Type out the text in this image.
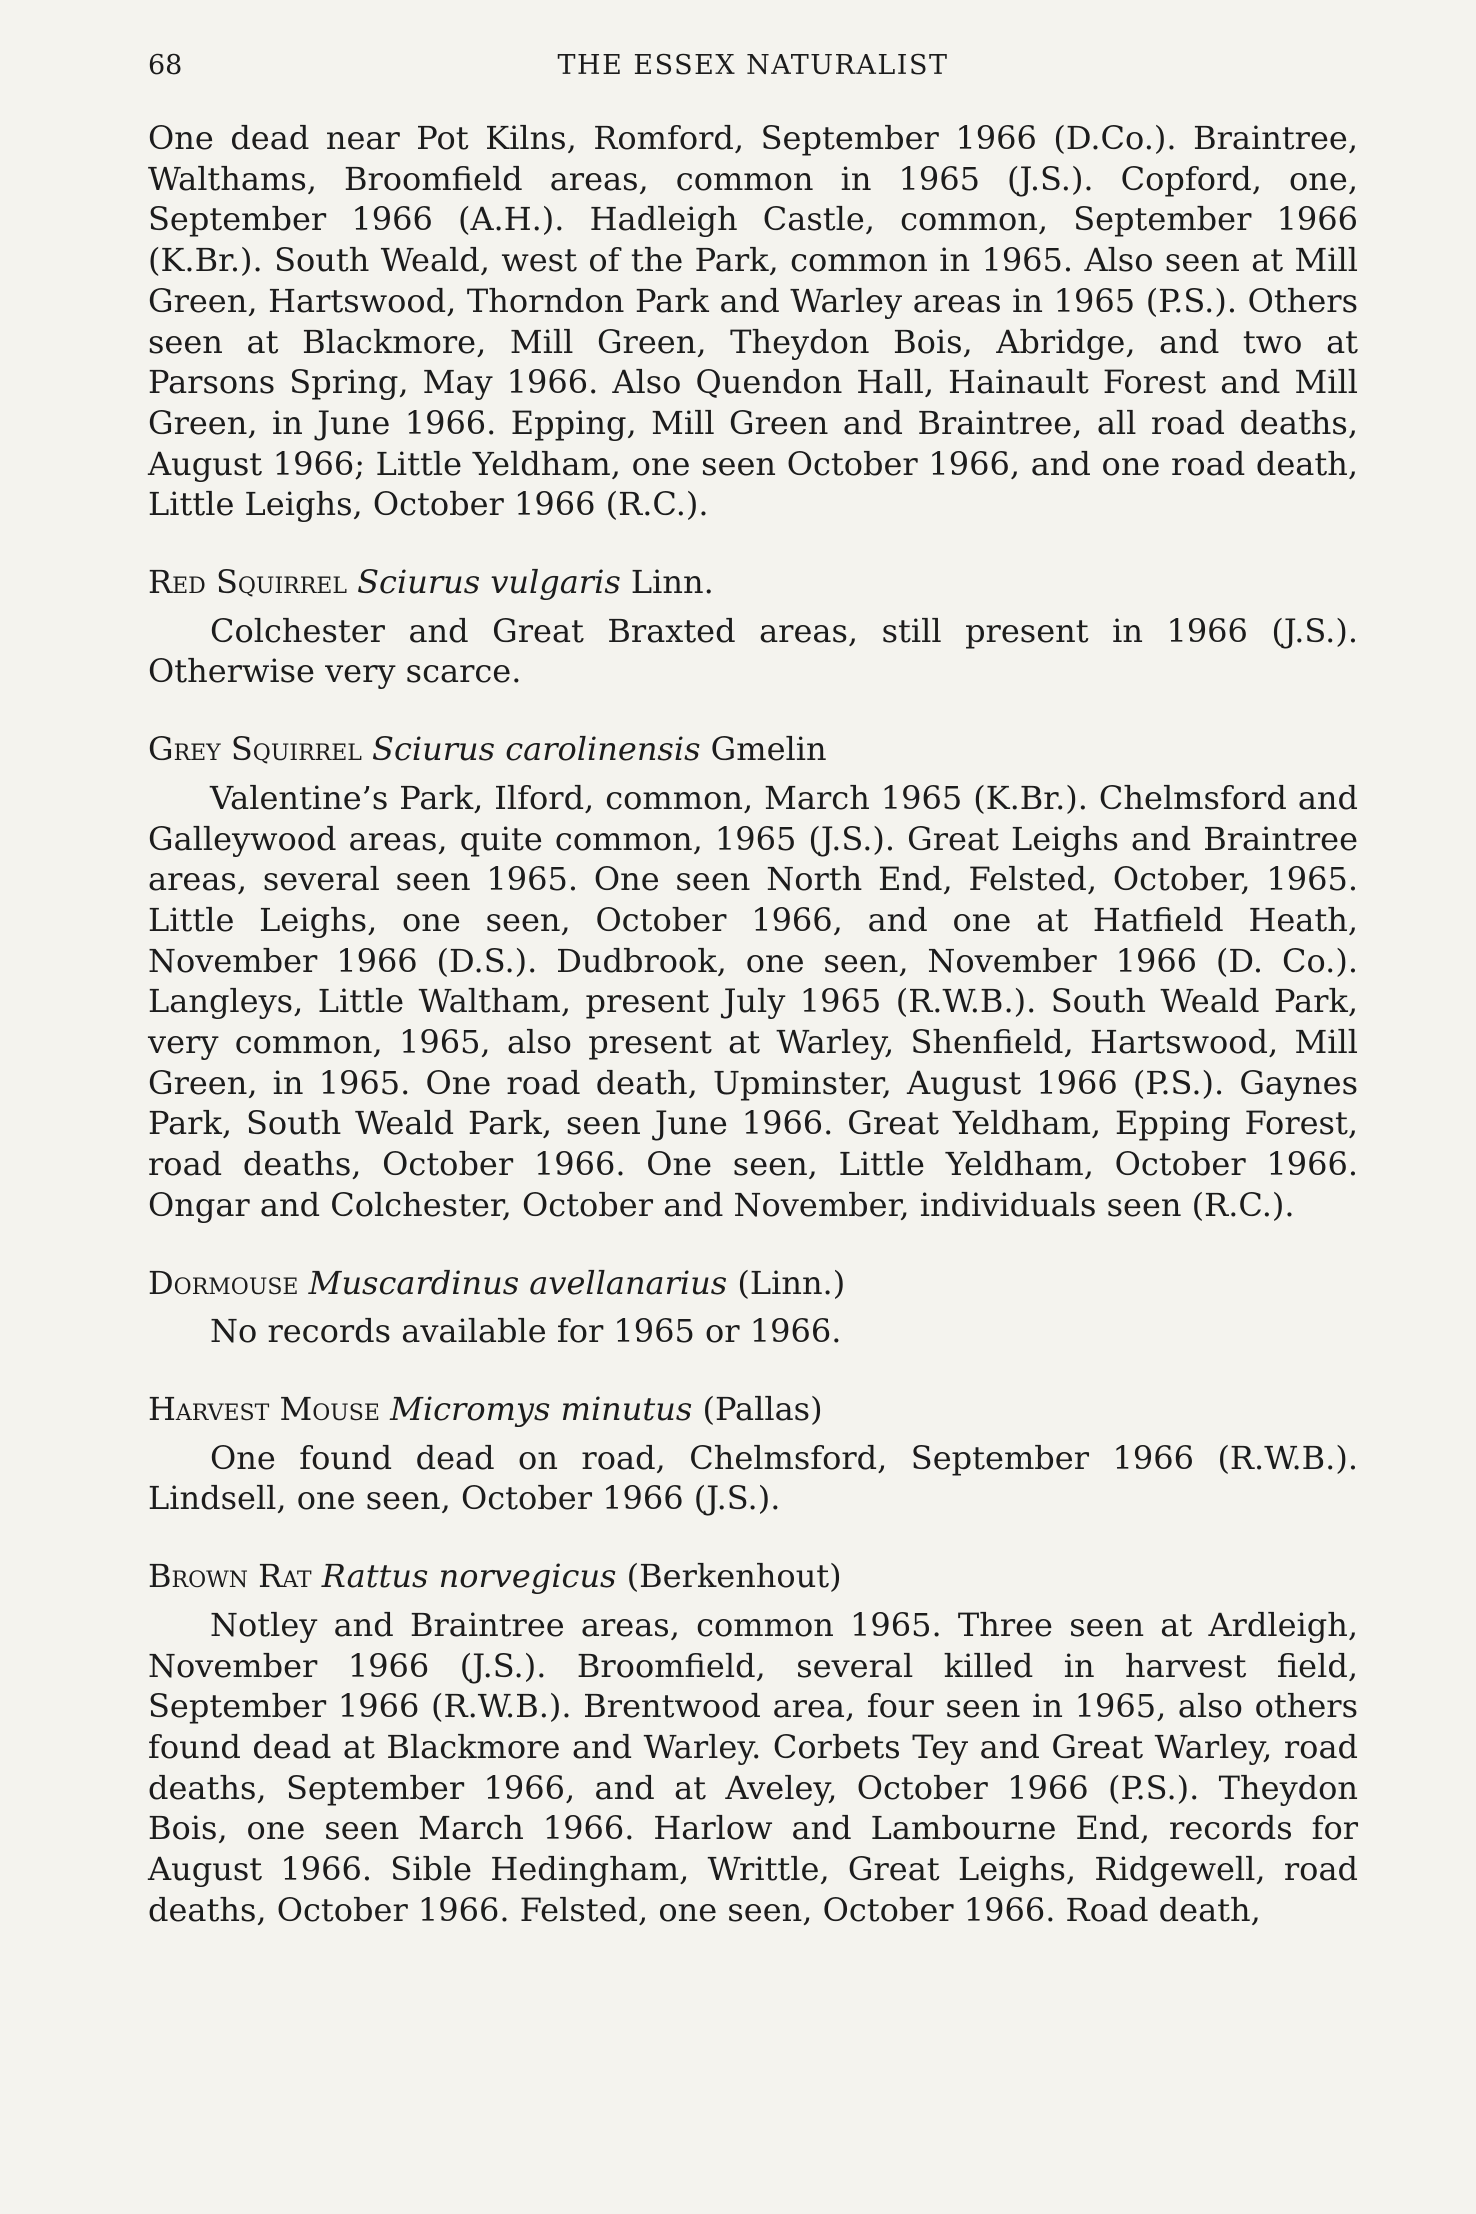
68	THE ESSEX NATURALIST

One dead near Pot Kilns, Romford, September 1966 (D.Co.). Braintree, Walthams, Broomfield areas, common in 1965 (J.S.). Copford, one, September 1966 (A.H.). Hadleigh Castle, common, September 1966 (K.Br.). South Weald, west of the Park, common in 1965. Also seen at Mill Green, Hartswood, Thorndon Park and Warley areas in 1965 (P.S.). Others seen at Blackmore, Mill Green, Theydon Bois, Abridge, and two at Parsons Spring, May 1966. Also Quendon Hall, Hainault Forest and Mill Green, in June 1966. Epping, Mill Green and Braintree, all road deaths, August 1966; Little Yeldham, one seen October 1966, and one road death, Little Leighs, October 1966 (R.C.).

Red Squirrel Sciurus vulgaris Linn.

Colchester and Great Braxted areas, still present in 1966 (J.S.). Otherwise very scarce.

Grey Squirrel Sciurus carolinensis Gmelin

Valentine’s Park, Ilford, common, March 1965 (K.Br.). Chelmsford and Galleywood areas, quite common, 1965 (J.S.). Great Leighs and Braintree areas, several seen 1965. One seen North End, Felsted, October, 1965. Little Leighs, one seen, October 1966, and one at Hatfield Heath, November 1966 (D.S.). Dudbrook, one seen, November 1966 (D. Co.). Langleys, Little Waltham, present July 1965 (R.W.B.). South Weald Park, very common, 1965, also present at Warley, Shenfield, Hartswood, Mill Green, in 1965. One road death, Upminster, August 1966 (P.S.). Gaynes Park, South Weald Park, seen June 1966. Great Yeldham, Epping Forest, road deaths, October 1966. One seen, Little Yeldham, October 1966. Ongar and Colchester, October and November, individuals seen (R.C.).

Dormouse Muscardinus avellanarius (Linn.)

No records available for 1965 or 1966.

Harvest Mouse Micromys minutus (Pallas)

One found dead on road, Chelmsford, September 1966 (R.W.B.). Lindsell, one seen, October 1966 (J.S.).

Brown Rat Rattus norvegicus (Berkenhout)

Notley and Braintree areas, common 1965. Three seen at Ardleigh, November 1966 (J.S.). Broomfield, several killed in harvest field, September 1966 (R.W.B.). Brentwood area, four seen in 1965, also others found dead at Blackmore and Warley. Corbets Tey and Great Warley, road deaths, September 1966, and at Aveley, October 1966 (P.S.). Theydon Bois, one seen March 1966. Harlow and Lambourne End, records for August 1966. Sible Hedingham, Writtle, Great Leighs, Ridgewell, road deaths, October 1966. Felsted, one seen, October 1966. Road death,
